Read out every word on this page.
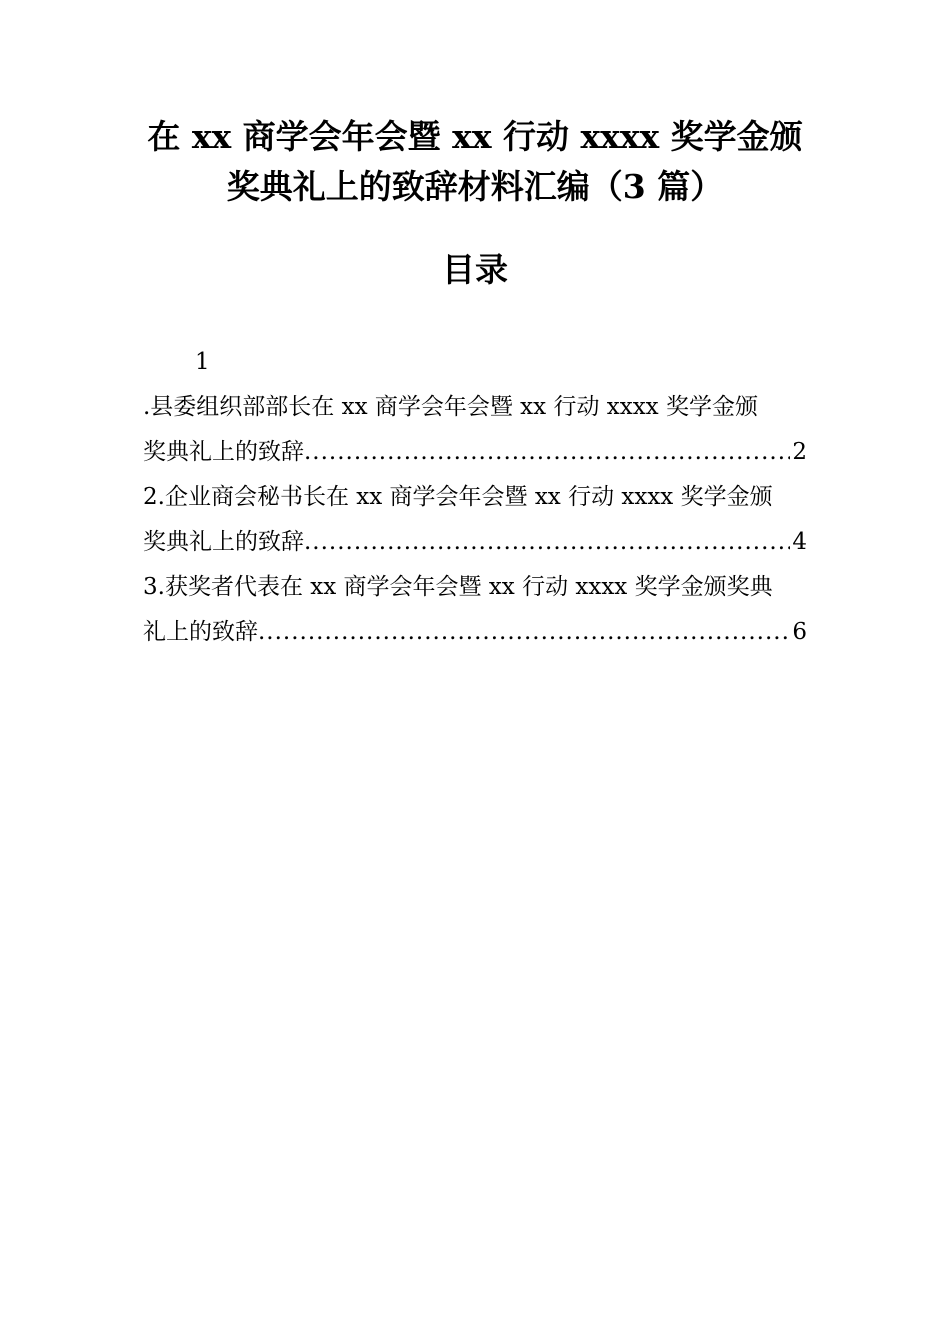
在 xx 商学会年会暨 xx 行动 xxxx 奖学金颁
奖典礼上的致辞材料汇编（3 篇）
目录
1
.县委组织部部长在 xx 商学会年会暨 xx 行动 xxxx 奖学金颁
奖典礼上的致辞 .....	2
2.企业商会秘书长在 xx 商学会年会暨 xx 行动 xxxx 奖学金颁
奖典礼上的致辞 .....	4
3.获奖者代表在 xx 商学会年会暨 xx 行动 xxxx 奖学金颁奖典
礼上的致辞 .....	6
